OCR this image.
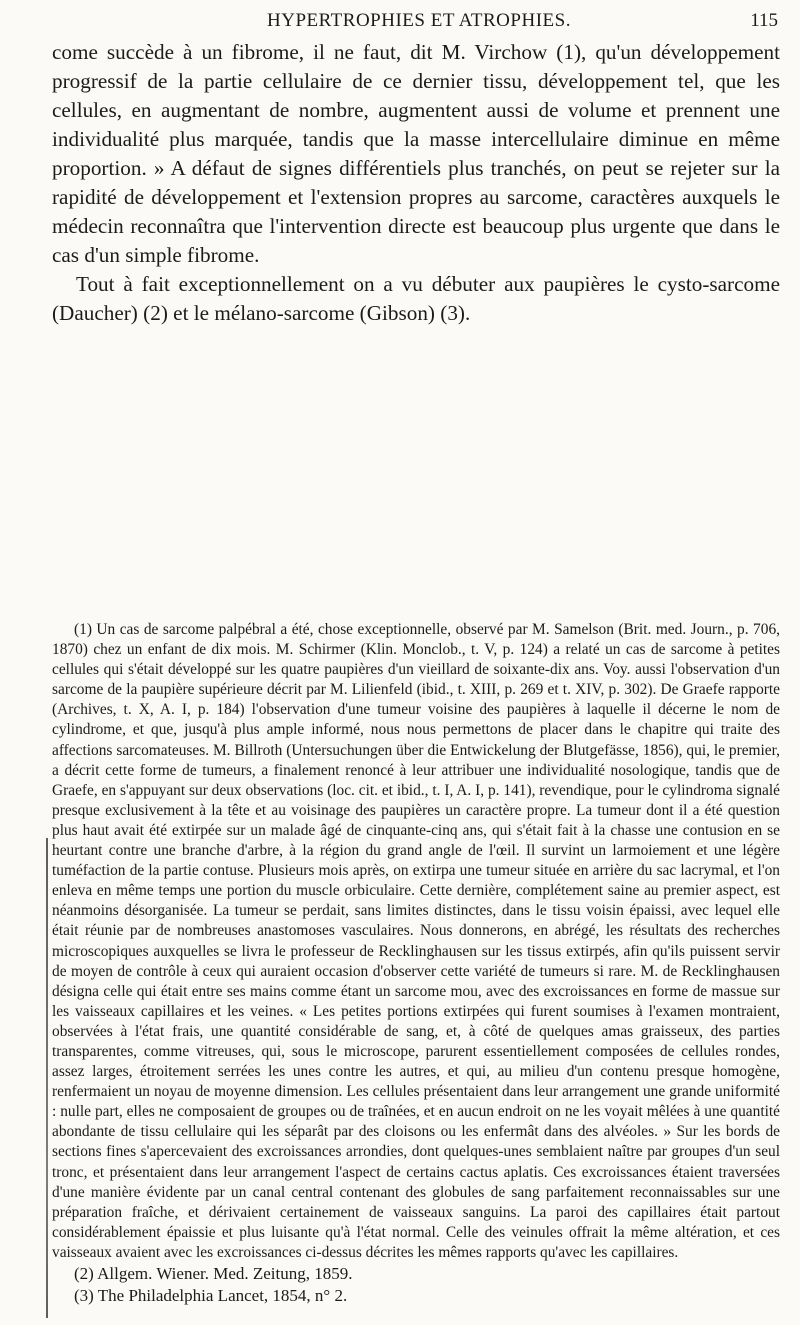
HYPERTROPHIES ET ATROPHIES.	115

come succède à un fibrome, il ne faut, dit M. Virchow (1), qu'un développement progressif de la partie cellulaire de ce dernier tissu, développement tel, que les cellules, en augmentant de nombre, augmentent aussi de volume et prennent une individualité plus marquée, tandis que la masse intercellulaire diminue en même proportion. » A défaut de signes différentiels plus tranchés, on peut se rejeter sur la rapidité de développement et l'extension propres au sarcome, caractères auxquels le médecin reconnaîtra que l'intervention directe est beaucoup plus urgente que dans le cas d'un simple fibrome.

Tout à fait exceptionnellement on a vu débuter aux paupières le cysto-sarcome (Daucher) (2) et le mélano-sarcome (Gibson) (3).

(1) Un cas de sarcome palpébral a été, chose exceptionnelle, observé par M. Samelson (Brit. med. Journ., p. 706, 1870) chez un enfant de dix mois. M. Schirmer (Klin. Monclob., t. V, p. 124) a relaté un cas de sarcome à petites cellules qui s'était développé sur les quatre paupières d'un vieillard de soixante-dix ans. Voy. aussi l'observation d'un sarcome de la paupière supérieure décrit par M. Lilienfeld (ibid., t. XIII, p. 269 et t. XIV, p. 302). De Graefe rapporte (Archives, t. X, A. I, p. 184) l'observation d'une tumeur voisine des paupières à laquelle il décerne le nom de cylindrome, et que, jusqu'à plus ample informé, nous nous permettons de placer dans le chapitre qui traite des affections sarcomateuses. M. Billroth (Untersuchungen über die Entwickelung der Blutgefässe, 1856), qui, le premier, a décrit cette forme de tumeurs, a finalement renoncé à leur attribuer une individualité nosologique, tandis que de Graefe, en s'appuyant sur deux observations (loc. cit. et ibid., t. I, A. I, p. 141), revendique, pour le cylindroma signalé presque exclusivement à la tête et au voisinage des paupières un caractère propre. La tumeur dont il a été question plus haut avait été extirpée sur un malade âgé de cinquante-cinq ans, qui s'était fait à la chasse une contusion en se heurtant contre une branche d'arbre, à la région du grand angle de l'œil. Il survint un larmoiement et une légère tuméfaction de la partie contuse. Plusieurs mois après, on extirpa une tumeur située en arrière du sac lacrymal, et l'on enleva en même temps une portion du muscle orbiculaire. Cette dernière, complétement saine au premier aspect, est néanmoins désorganisée. La tumeur se perdait, sans limites distinctes, dans le tissu voisin épaissi, avec lequel elle était réunie par de nombreuses anastomoses vasculaires. Nous donnerons, en abrégé, les résultats des recherches microscopiques auxquelles se livra le professeur de Recklinghausen sur les tissus extirpés, afin qu'ils puissent servir de moyen de contrôle à ceux qui auraient occasion d'observer cette variété de tumeurs si rare. M. de Recklinghausen désigna celle qui était entre ses mains comme étant un sarcome mou, avec des excroissances en forme de massue sur les vaisseaux capillaires et les veines. « Les petites portions extirpées qui furent soumises à l'examen montraient, observées à l'état frais, une quantité considérable de sang, et, à côté de quelques amas graisseux, des parties transparentes, comme vitreuses, qui, sous le microscope, parurent essentiellement composées de cellules rondes, assez larges, étroitement serrées les unes contre les autres, et qui, au milieu d'un contenu presque homogène, renfermaient un noyau de moyenne dimension. Les cellules présentaient dans leur arrangement une grande uniformité : nulle part, elles ne composaient de groupes ou de traînées, et en aucun endroit on ne les voyait mêlées à une quantité abondante de tissu cellulaire qui les séparât par des cloisons ou les enfermât dans des alvéoles. » Sur les bords de sections fines s'apercevaient des excroissances arrondies, dont quelques-unes semblaient naître par groupes d'un seul tronc, et présentaient dans leur arrangement l'aspect de certains cactus aplatis. Ces excroissances étaient traversées d'une manière évidente par un canal central contenant des globules de sang parfaitement reconnaissables sur une préparation fraîche, et dérivaient certainement de vaisseaux sanguins. La paroi des capillaires était partout considérablement épaissie et plus luisante qu'à l'état normal. Celle des veinules offrait la même altération, et ces vaisseaux avaient avec les excroissances ci-dessus décrites les mêmes rapports qu'avec les capillaires.

(2) Allgem. Wiener. Med. Zeitung, 1859.

(3) The Philadelphia Lancet, 1854, n° 2.
